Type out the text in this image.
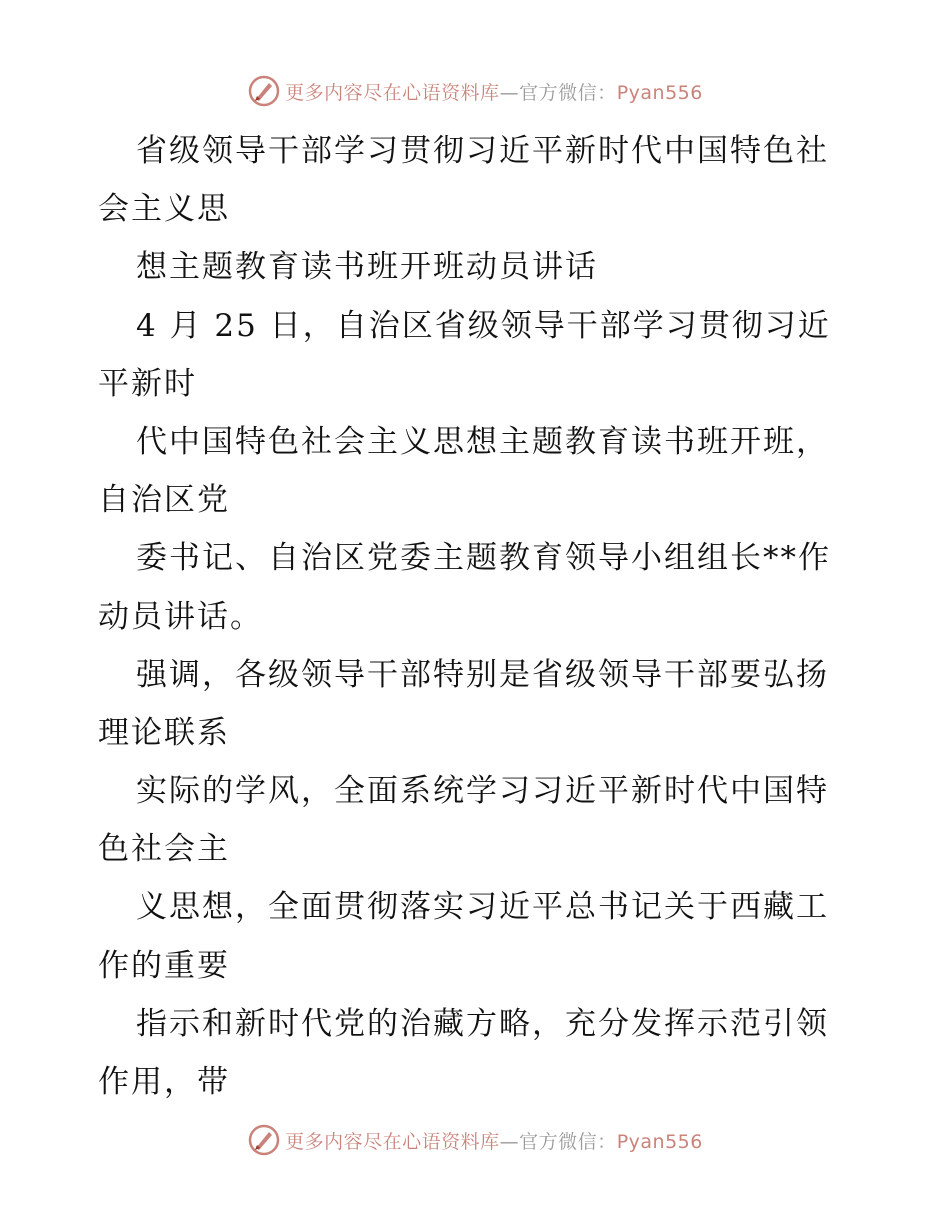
更多内容尽在心语资料库—官方微信：Pyan556
省级领导干部学习贯彻习近平新时代中国特色社
会主义思
想主题教育读书班开班动员讲话
4 月 25 日，自治区省级领导干部学习贯彻习近
平新时
代中国特色社会主义思想主题教育读书班开班，
自治区党
委书记、自治区党委主题教育领导小组组长**作
动员讲话。
强调，各级领导干部特别是省级领导干部要弘扬
理论联系
实际的学风，全面系统学习习近平新时代中国特
色社会主
义思想，全面贯彻落实习近平总书记关于西藏工
作的重要
指示和新时代党的治藏方略，充分发挥示范引领
作用，带
更多内容尽在心语资料库—官方微信：Pyan556
